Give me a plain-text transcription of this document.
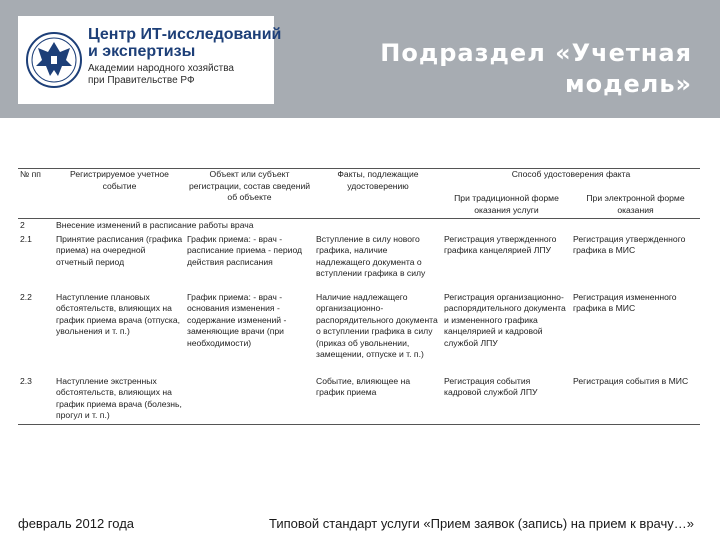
Центр ИТ-исследований
и экспертизы
Академии народного хозяйства
при Правительстве РФ
Подраздел «Учетная
модель»
№ пп	Регистрируемое учетное событие	Объект или субъект регистрации, состав сведений об объекте	Факты, подлежащие удостоверению	Способ удостоверения факта	
				При традиционной форме оказания услуги	При электронной форме оказания
2	Внесение изменений в расписание работы врача				
2.1	Принятие расписания (графика приема) на очередной отчетный период	График приема: - врач - расписание приема - период действия расписания	Вступление в силу нового графика, наличие надлежащего документа о вступлении графика в силу	Регистрация утвержденного графика канцелярией ЛПУ	Регистрация утвержденного графика в МИС
2.2	Наступление плановых обстоятельств, влияющих на график приема врача (отпуска, увольнения и т. п.)	График приема: - врач - основания изменения - содержание изменений - заменяющие врачи (при необходимости)	Наличие надлежащего организационно-распорядительного документа о вступлении графика в силу (приказ об увольнении, замещении, отпуске и т. п.)	Регистрация организационно-распорядительного документа и измененного графика канцелярией и кадровой службой ЛПУ	Регистрация измененного графика в МИС
2.3	Наступление экстренных обстоятельств, влияющих на график приема врача (болезнь, прогул и т. п.)		Событие, влияющее на график приема	Регистрация события кадровой службой ЛПУ	Регистрация события в МИС
февраль 2012 года	Типовой стандарт услуги «Прием заявок (запись) на прием к врачу…»
